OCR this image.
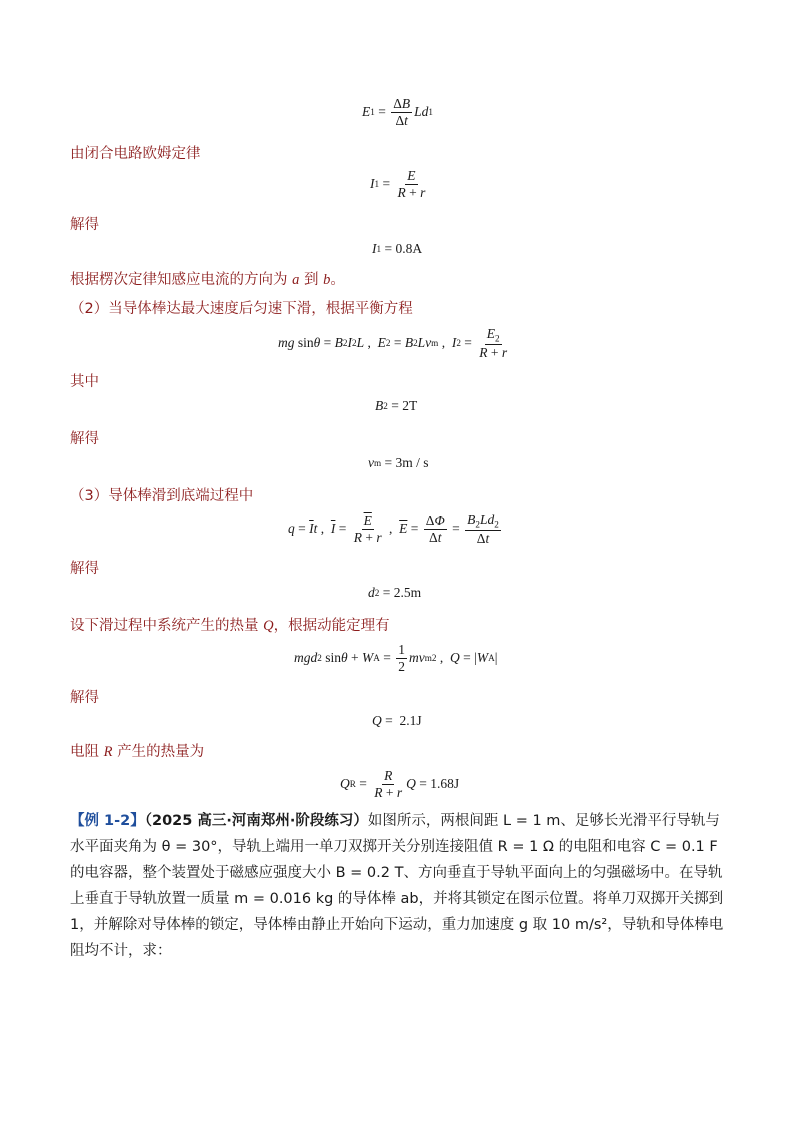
E $1 = \frac{\Delta B}{\Delta t}$ Ld 1
由闭合电路欧姆定律
I $1 = \frac{E}{R + r}$
解得
I 1 = 0.8A
根据楞次定律知感应电流的方向为 a 到 b。
（2）当导体棒达最大速度后匀速下滑，根据平衡方程
mg sin θ = B 2 I 2 L , E 2 = B 2 Lv m , I $2 = \frac{E_2}{R + r}$
其中
B 2 = 2T
解得
v m = 3m / s
（3）导体棒滑到底端过程中
$q = \overline{I}$ t , $\overline{I} = \frac{\overline{E}}{R + r}$ , $\overline{E} = \frac{\Delta\Phi}{\Delta t} = \frac{B_2Ld_2}{\Delta t}$
解得
d 2 = 2.5m
设下滑过程中系统产生的热量 Q，根据动能定理有
mgd 2 sin θ + W $A = \frac{1}{2}$ mv m 2 , Q = | W A |
解得
Q = 2.1J
电阻 R 产生的热量为
Q $R = \frac{R}{R + r}$ Q = 1.68J
【例 1-2】（2025 高三·河南郑州·阶段练习）如图所示，两根间距 L = 1 m、足够长光滑平行导轨与水平面夹角为 θ = 30°，导轨上端用一单刀双掷开关分别连接阻值 R = 1 Ω 的电阻和电容 C = 0.1 F 的电容器，整个装置处于磁感应强度大小 B = 0.2 T、方向垂直于导轨平面向上的匀强磁场中。在导轨上垂直于导轨放置一质量 m = 0.016 kg 的导体棒 ab，并将其锁定在图示位置。将单刀双掷开关掷到 1，并解除对导体棒的锁定，导体棒由静止开始向下运动，重力加速度 g 取 10 m/s²，导轨和导体棒电阻均不计，求：
